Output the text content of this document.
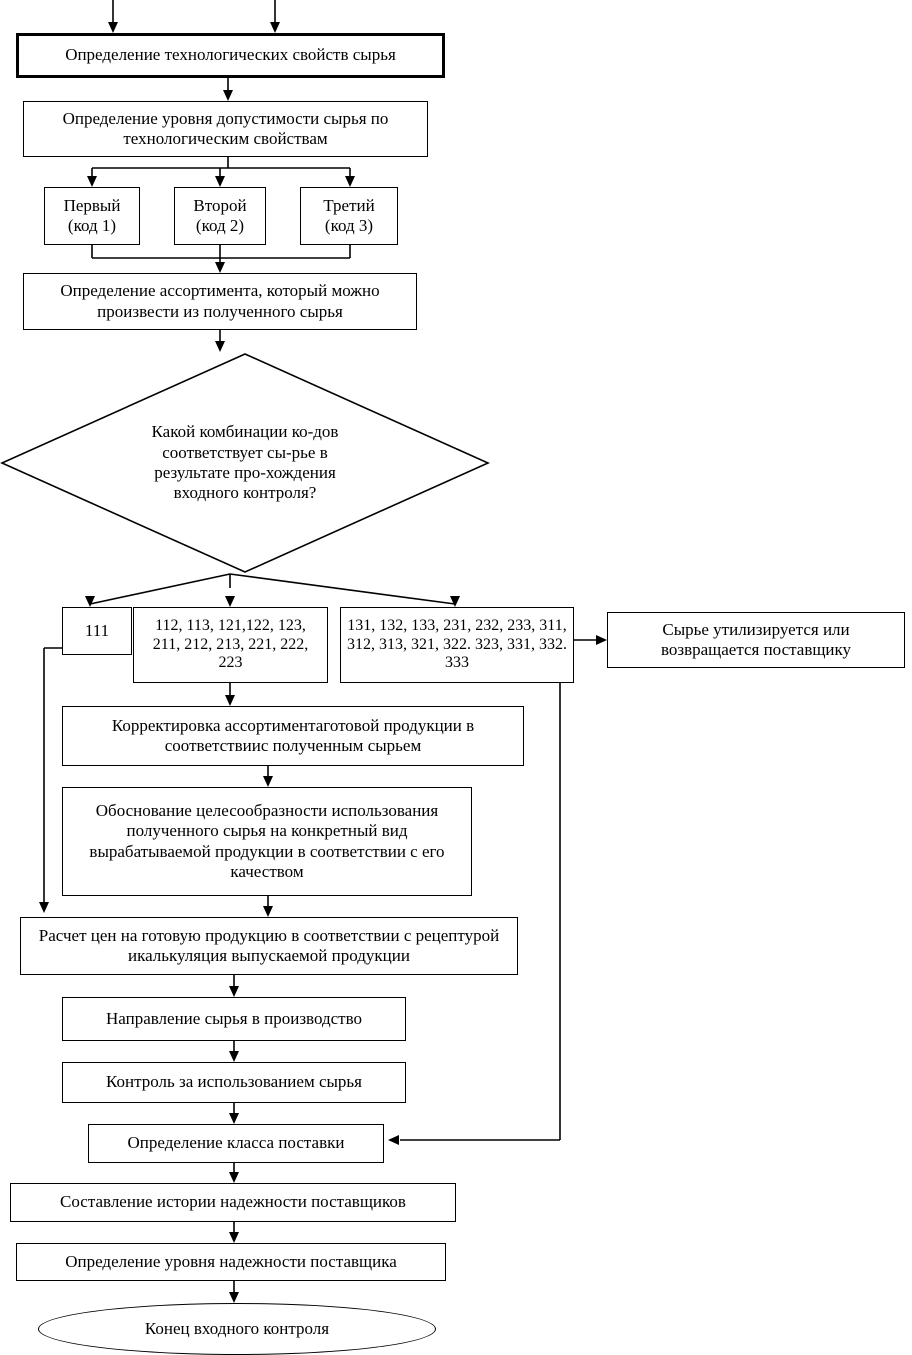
Определение технологических свойств сырья
Определение уровня допустимости сырья по технологическим свойствам
Первый (код 1)
Второй (код 2)
Третий (код 3)
Определение ассортимента, который можно произвести из полученного сырья
Какой комбинации ко-дов соответствует сы-рье в результате про-хождения входного контроля?
111	112, 113, 121,122, 123, 211, 212, 213, 221, 222, 223
131, 132, 133, 231, 232, 233, 311, 312, 313, 321, 322. 323, 331, 332. 333
Сырье утилизируется или возвращается поставщику
Корректировка ассортиментаготовой продукции в соответствиис полученным сырьем
Обоснование целесообразности использования полученного сырья на конкретный вид вырабатываемой продукции в соответствии с его качеством
Расчет цен на готовую продукцию в соответствии с рецептурой икалькуляция выпускаемой продукции
Направление сырья в производство
Контроль за использованием сырья
Определение класса поставки
Составление истории надежности поставщиков
Определение уровня надежности поставщика
Конец входного контроля
